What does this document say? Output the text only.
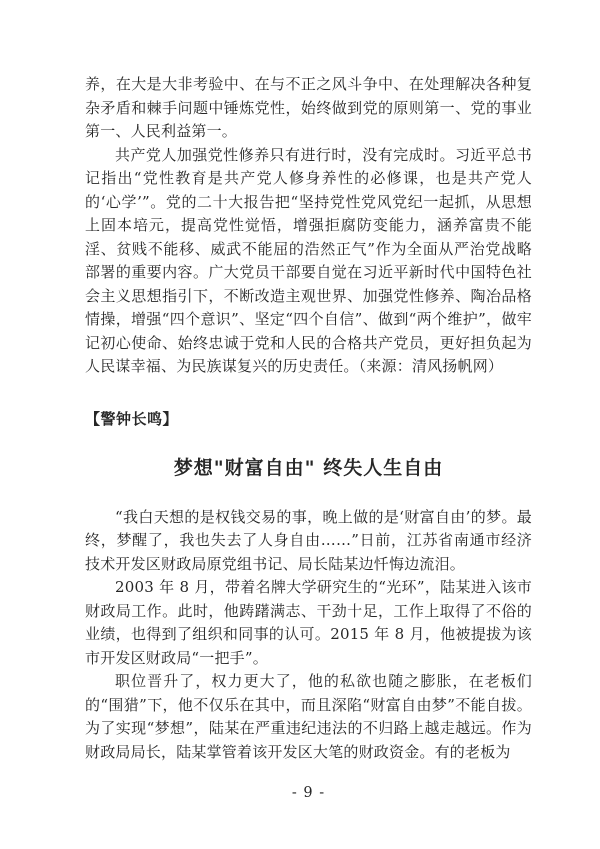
养，在大是大非考验中、在与不正之风斗争中、在处理解决各种复杂矛盾和棘手问题中锤炼党性，始终做到党的原则第一、党的事业第一、人民利益第一。

共产党人加强党性修养只有进行时，没有完成时。习近平总书记指出“党性教育是共产党人修身养性的必修课，也是共产党人的‘心学’”。党的二十大报告把“坚持党性党风党纪一起抓，从思想上固本培元，提高党性觉悟，增强拒腐防变能力，涵养富贵不能淫、贫贱不能移、威武不能屈的浩然正气”作为全面从严治党战略部署的重要内容。广大党员干部要自觉在习近平新时代中国特色社会主义思想指引下，不断改造主观世界、加强党性修养、陶冶品格情操，增强“四个意识”、坚定“四个自信”、做到“两个维护”，做牢记初心使命、始终忠诚于党和人民的合格共产党员，更好担负起为人民谋幸福、为民族谋复兴的历史责任。（来源：清风扬帆网）

【警钟长鸣】
梦想"财富自由" 终失人生自由

“我白天想的是权钱交易的事，晚上做的是‘财富自由’的梦。最终，梦醒了，我也失去了人身自由……”日前，江苏省南通市经济技术开发区财政局原党组书记、局长陆某边忏悔边流泪。

2003 年 8 月，带着名牌大学研究生的“光环”，陆某进入该市财政局工作。此时，他踌躇满志、干劲十足，工作上取得了不俗的业绩，也得到了组织和同事的认可。2015 年 8 月，他被提拔为该市开发区财政局“一把手”。

职位晋升了，权力更大了，他的私欲也随之膨胀，在老板们的“围猎”下，他不仅乐在其中，而且深陷“财富自由梦”不能自拔。为了实现“梦想”，陆某在严重违纪违法的不归路上越走越远。作为财政局局长，陆某掌管着该开发区大笔的财政资金。有的老板为

- 9 -
